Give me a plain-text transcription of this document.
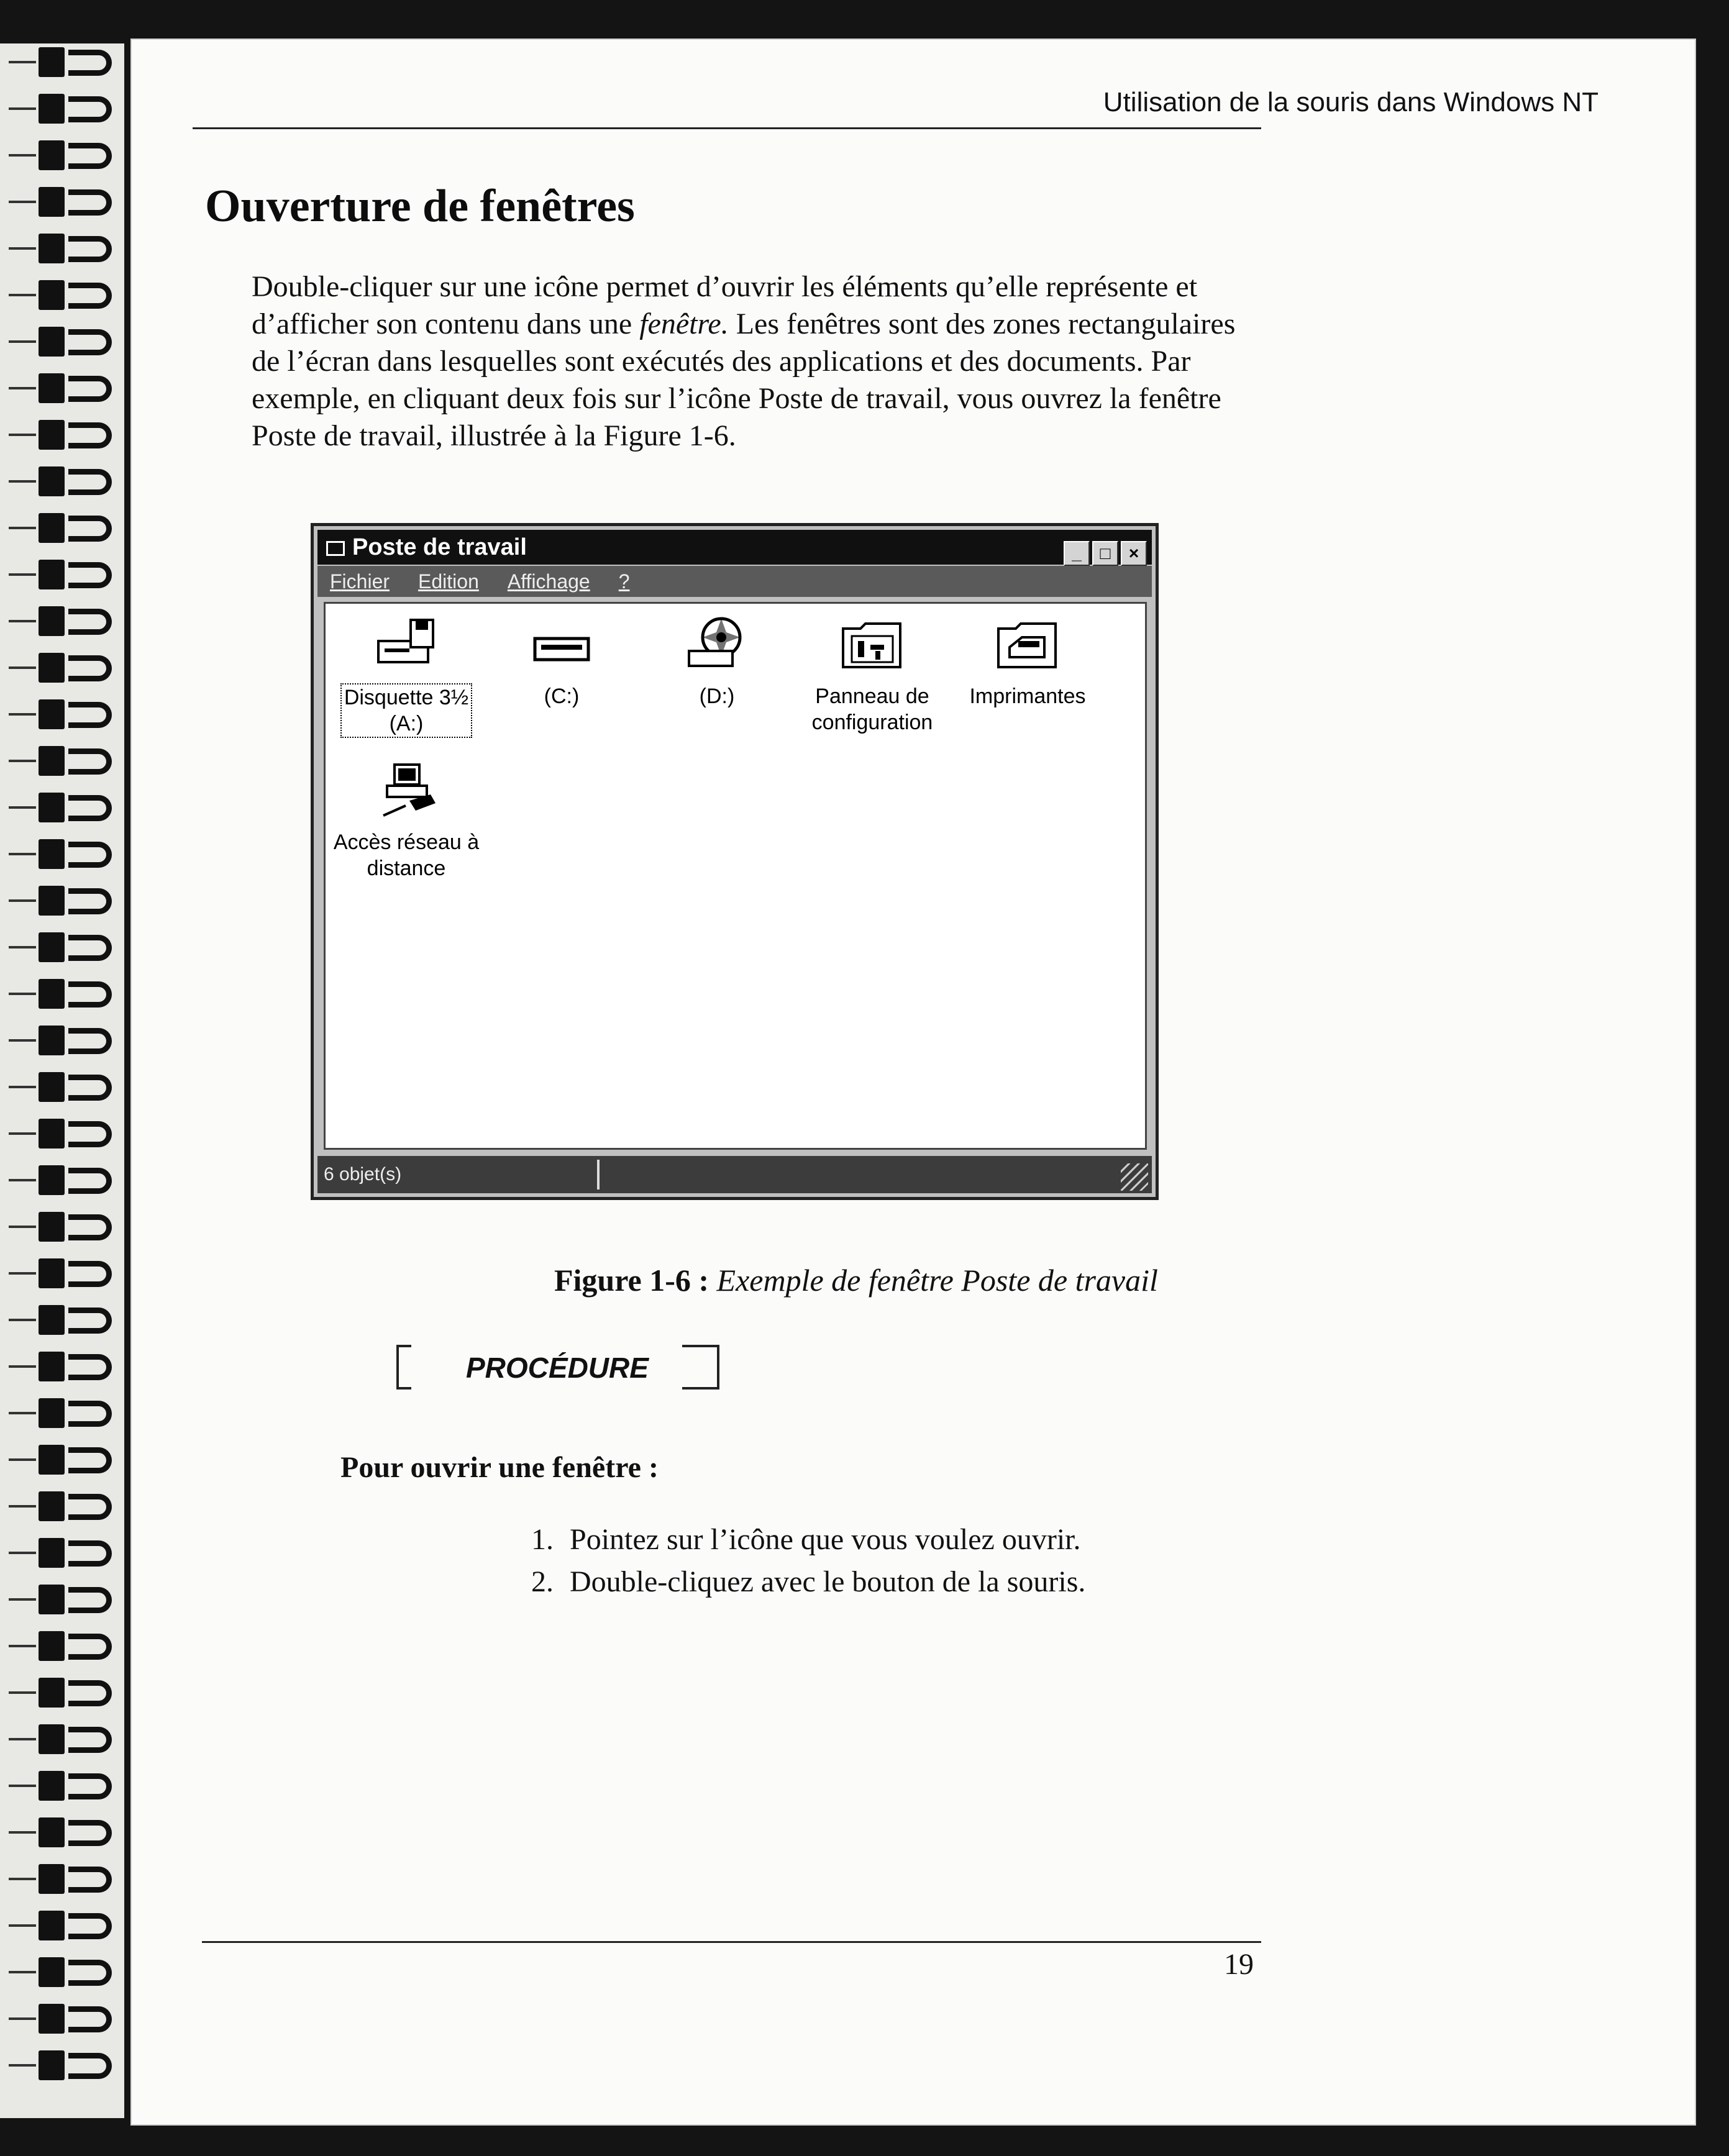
Utilisation de la souris dans Windows NT
Ouverture de fenêtres
Double-cliquer sur une icône permet d’ouvrir les éléments qu’elle représente et d’afficher son contenu dans une fenêtre. Les fenêtres sont des zones rectangulaires de l’écran dans lesquelles sont exécutés des applications et des documents. Par exemple, en cliquant deux fois sur l’icône Poste de travail, vous ouvrez la fenêtre Poste de travail, illustrée à la Figure 1-6.
Poste de travail	_ □ ×
Fichier Edition Affichage ?
Disquette 3½
(A:)
(C:)	(D:)	Panneau de
configuration
Imprimantes
Accès réseau à
distance
6 objet(s)
Figure 1-6 : Exemple de fenêtre Poste de travail
PROCÉDURE
Pour ouvrir une fenêtre :
1. Pointez sur l’icône que vous voulez ouvrir.
2. Double-cliquez avec le bouton de la souris.
19
